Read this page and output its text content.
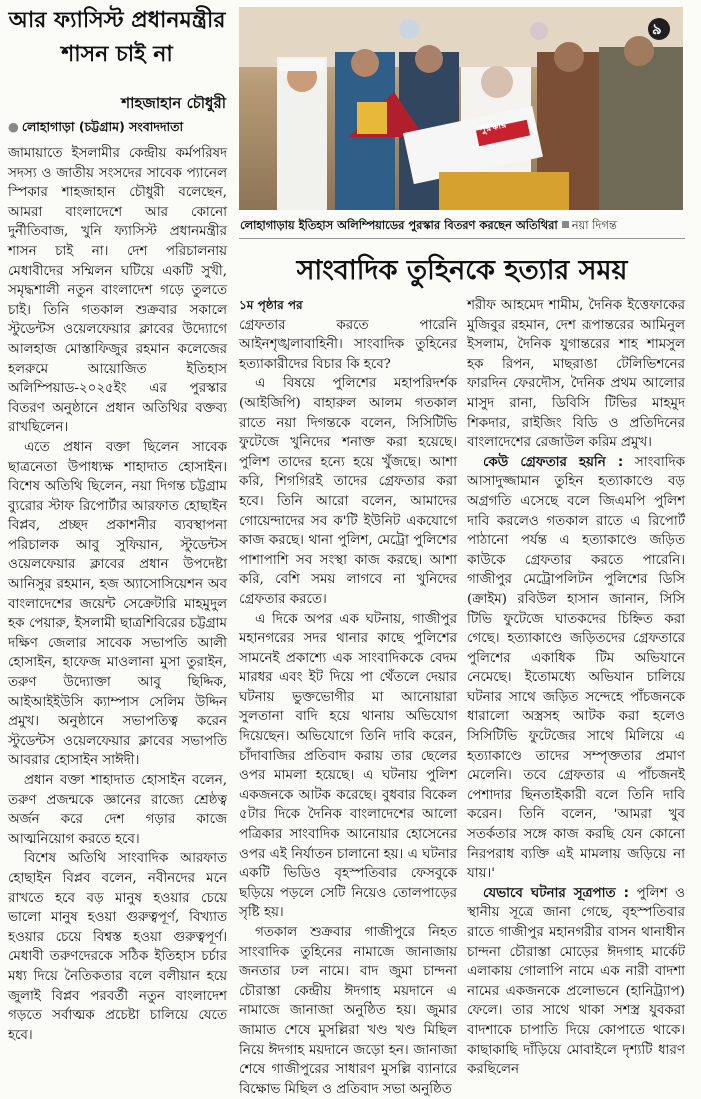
আর ফ্যাসিস্ট প্রধানমন্ত্রীর শাসন চাই না
শাহজাহান চৌধুরী
● লোহাগাড়া (চট্টগ্রাম) সংবাদদাতা

জামায়াতে ইসলামীর কেন্দ্রীয় কর্মপরিষদ সদস্য ও জাতীয় সংসদের সাবেক প্যানেল স্পিকার শাহজাহান চৌধুরী বলেছেন, আমরা বাংলাদেশে আর কোনো দুর্নীতিবাজ, খুনি ফ্যাসিস্ট প্রধানমন্ত্রীর শাসন চাই না। দেশ পরিচালনায় মেধাবীদের সম্মিলন ঘটিয়ে একটি সুখী, সমৃদ্ধশালী নতুন বাংলাদেশ গড়ে তুলতে চাই। তিনি গতকাল শুক্রবার সকালে স্টুডেন্টস ওয়েলফেয়ার ক্লাবের উদ্যোগে আলহাজ মোস্তাফিজুর রহমান কলেজের হলরুমে আয়োজিত ইতিহাস অলিম্পিয়াড-২০২৫ইং এর পুরস্কার বিতরণ অনুষ্ঠানে প্রধান অতিথির বক্তব্য রাখছিলেন।

এতে প্রধান বক্তা ছিলেন সাবেক ছাত্রনেতা উপাধ্যক্ষ শাহাদাত হোসাইন। বিশেষ অতিথি ছিলেন, নয়া দিগন্ত চট্টগ্রাম ব্যুরোর স্টাফ রিপোর্টার আরফাত হোছাইন বিপ্লব, প্রচ্ছদ প্রকাশনীর ব্যবস্থাপনা পরিচালক আবু সুফিয়ান, স্টুডেন্টস ওয়েলফেয়ার ক্লাবের প্রধান উপদেষ্টা আনিসুর রহমান, হজ অ্যাসোসিয়েশন অব বাংলাদেশের জয়েন্ট সেক্রেটারি মাহমুদুল হক পেয়ারু, ইসলামী ছাত্রশিবিরের চট্টগ্রাম দক্ষিণ জেলার সাবেক সভাপতি আলী হোসাইন, হাফেজ মাওলানা মুসা তুরাইন, তরুণ উদ্যোক্তা আবু ছিদ্দিক, আইআইইউসি ক্যাম্পাস সেলিম উদ্দিন প্রমুখ। অনুষ্ঠানে সভাপতিত্ব করেন স্টুডেন্টস ওয়েলফেয়ার ক্লাবের সভাপতি আবরার হোসাইন সাঈদী।

প্রধান বক্তা শাহাদাত হোসাইন বলেন, তরুণ প্রজন্মকে জ্ঞানের রাজ্যে শ্রেষ্ঠত্ব অর্জন করে দেশ গড়ার কাজে আত্মনিয়োগ করতে হবে।

বিশেষ অতিথি সাংবাদিক আরফাত হোছাইন বিপ্লব বলেন, নবীনদের মনে রাখতে হবে বড় মানুষ হওয়ার চেয়ে ভালো মানুষ হওয়া গুরুত্বপূর্ণ, বিখ্যাত হওয়ার চেয়ে বিশ্বস্ত হওয়া গুরুত্বপূর্ণ। মেধাবী তরুণদেরকে সঠিক ইতিহাস চর্চার মধ্য দিয়ে নৈতিকতার বলে বলীয়ান হয়ে জুলাই বিপ্লব পরবর্তী নতুন বাংলাদেশ গড়তে সর্বাত্মক প্রচেষ্টা চালিয়ে যেতে হবে।

পুরস্কার
৯
লোহাগাড়ায় ইতিহাস অলিম্পিয়াডের পুরস্কার বিতরণ করছেন অতিথিরা নয়া দিগন্ত
সাংবাদিক তুহিনকে হত্যার সময়

১ম পৃষ্ঠার পর
গ্রেফতার করতে পারেনি আইনশৃঙ্খলাবাহিনী। সাংবাদিক তুহিনের হত্যাকারীদের বিচার কি হবে?

এ বিষয়ে পুলিশের মহাপরিদর্শক (আইজিপি) বাহারুল আলম গতকাল রাতে নয়া দিগন্তকে বলেন, সিসিটিভি ফুটেজে খুনিদের শনাক্ত করা হয়েছে। পুলিশ তাদের হন্যে হয়ে খুঁজছে। আশা করি, শিগগিরই তাদের গ্রেফতার করা হবে। তিনি আরো বলেন, আমাদের গোয়েন্দাদের সব ক'টি ইউনিট একযোগে কাজ করছে। থানা পুলিশ, মেট্রো পুলিশের পাশাপাশি সব সংস্থা কাজ করছে। আশা করি, বেশি সময় লাগবে না খুনিদের গ্রেফতার করতে।

এ দিকে অপর এক ঘটনায়, গাজীপুর মহানগরের সদর থানার কাছে পুলিশের সামনেই প্রকাশ্যে এক সাংবাদিককে বেদম মারধর এবং ইট দিয়ে পা থেঁতলে দেয়ার ঘটনায় ভুক্তভোগীর মা আনোয়ারা সুলতানা বাদি হয়ে থানায় অভিযোগ দিয়েছেন। অভিযোগে তিনি দাবি করেন, চাঁদাবাজির প্রতিবাদ করায় তার ছেলের ওপর মামলা হয়েছে। এ ঘটনায় পুলিশ একজনকে আটক করেছে। বুধবার বিকেল ৫টার দিকে দৈনিক বাংলাদেশের আলো পত্রিকার সাংবাদিক আনোয়ার হোসেনের ওপর এই নির্যাতন চালানো হয়। এ ঘটনার একটি ভিডিও বৃহস্পতিবার ফেসবুকে ছড়িয়ে পড়লে সেটি নিয়েও তোলপাড়ের সৃষ্টি হয়।

গতকাল শুক্রবার গাজীপুরে নিহত সাংবাদিক তুহিনের নামাজে জানাজায় জনতার ঢল নামে। বাদ জুমা চান্দনা চৌরাস্তা কেন্দ্রীয় ঈদগাহ ময়দানে এ নামাজে জানাজা অনুষ্ঠিত হয়। জুমার জামাত শেষে মুসল্লিরা খণ্ড খণ্ড মিছিল নিয়ে ঈদগাহ ময়দানে জড়ো হন। জানাজা শেষে গাজীপুরের সাধারণ মুসল্লি ব্যানারে বিক্ষোভ মিছিল ও প্রতিবাদ সভা অনুষ্ঠিত

শরীফ আহমেদ শামীম, দৈনিক ইত্তেফাকের মুজিবুর রহমান, দেশ রূপান্তরের আমিনুল ইসলাম, দৈনিক যুগান্তরের শাহ শামসুল হক রিপন, মাছরাঙা টেলিভিশনের ফারদিন ফেরদৌস, দৈনিক প্রথম আলোর মাসুদ রানা, ডিবিসি টিভির মাহমুদ শিকদার, রাইজিং বিডি ও প্রতিদিনের বাংলাদেশের রেজাউল করিম প্রমুখ।

কেউ গ্রেফতার হয়নি : সাংবাদিক আসাদুজ্জামান তুহিন হত্যাকাণ্ডে বড় অগ্রগতি এসেছে বলে জিএমপি পুলিশ দাবি করলেও গতকাল রাতে এ রিপোর্ট পাঠানো পর্যন্ত এ হত্যাকাণ্ডে জড়িত কাউকে গ্রেফতার করতে পারেনি। গাজীপুর মেট্রোপলিটন পুলিশের ডিসি (ক্রাইম) রবিউল হাসান জানান, সিসি টিভি ফুটেজে ঘাতকদের চিহ্নিত করা গেছে। হত্যাকাণ্ডে জড়িতদের গ্রেফতারে পুলিশের একাধিক টিম অভিযানে নেমেছে। ইতোমধ্যে অভিযান চালিয়ে ঘটনার সাথে জড়িত সন্দেহে পাঁচজনকে ধারালো অস্ত্রসহ আটক করা হলেও সিসিটিভি ফুটেজের সাথে মিলিয়ে এ হত্যাকাণ্ডে তাদের সম্পৃক্ততার প্রমাণ মেলেনি। তবে গ্রেফতার এ পাঁচজনই পেশাদার ছিনতাইকারী বলে তিনি দাবি করেন। তিনি বলেন, 'আমরা খুব সতর্কতার সঙ্গে কাজ করছি যেন কোনো নিরপরাধ ব্যক্তি এই মামলায় জড়িয়ে না যায়।'

যেভাবে ঘটনার সূত্রপাত : পুলিশ ও স্থানীয় সূত্রে জানা গেছে, বৃহস্পতিবার রাতে গাজীপুর মহানগরীর বাসন থানাধীন চান্দনা চৌরাস্তা মোড়ের ঈদগাহ মার্কেট এলাকায় গোলাপি নামে এক নারী বাদশা নামের একজনকে প্রলোভনে (হানিট্র্যাপ) ফেলে। তার সাথে থাকা সশস্ত্র যুবকরা বাদশাকে চাপাতি দিয়ে কোপাতে থাকে। কাছাকাছি দাঁড়িয়ে মোবাইলে দৃশ্যটি ধারণ করছিলেন
